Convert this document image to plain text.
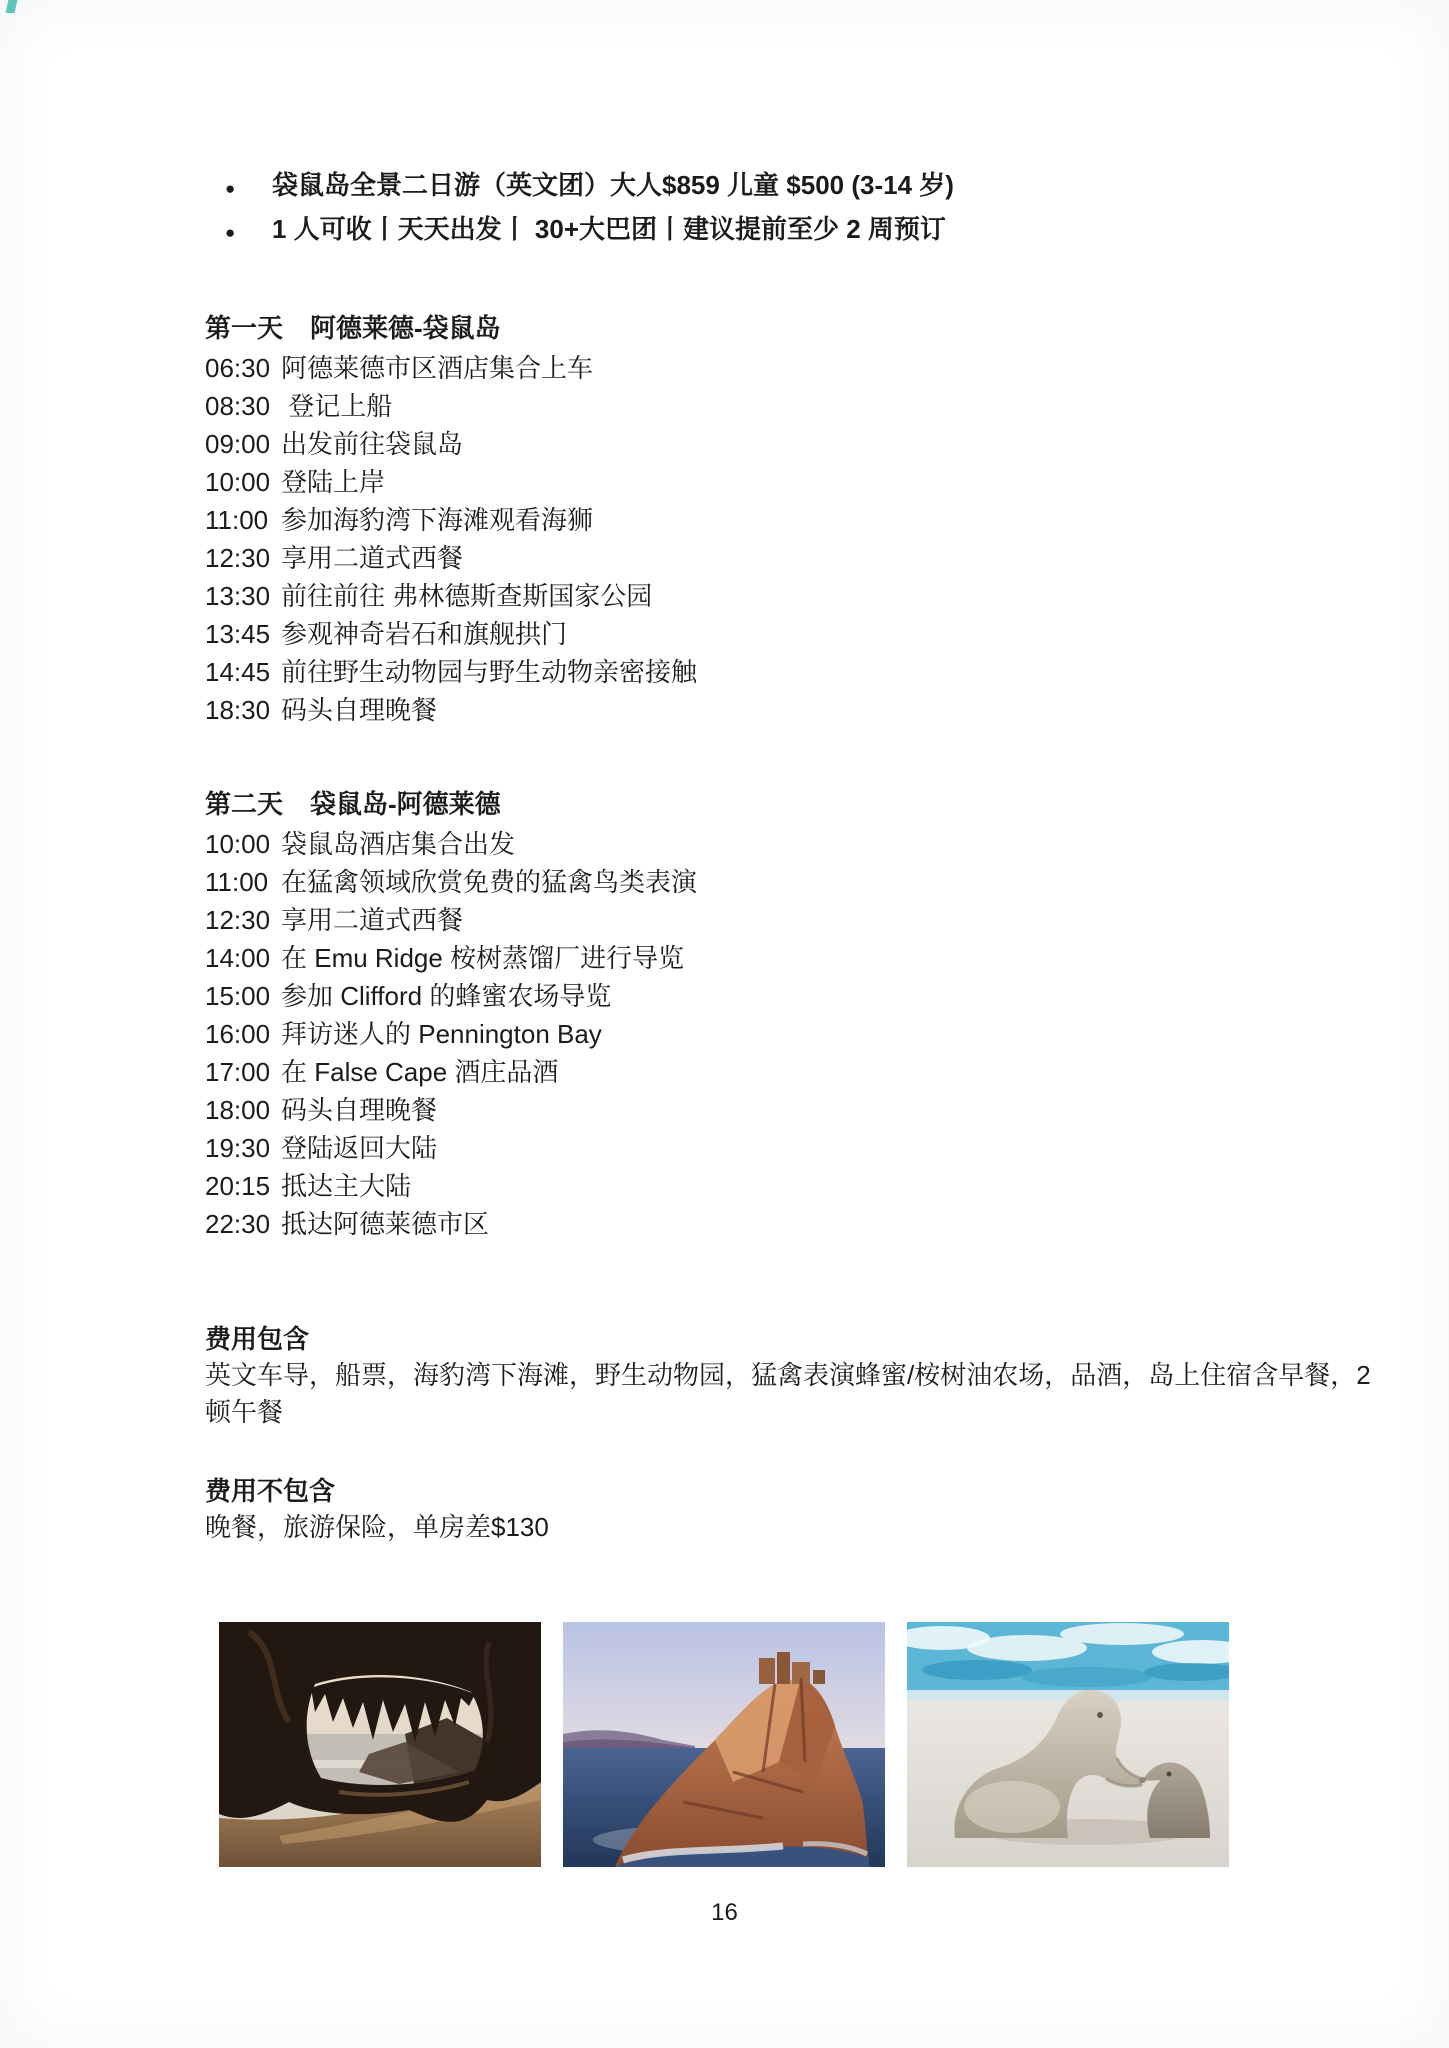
●	袋鼠岛全景二日游（英文团）大人$859 儿童 $500 (3-14 岁)
●	1 人可收丨天天出发丨 30+大巴团丨建议提前至少 2 周预订
第一天 阿德莱德-袋鼠岛
06:30 阿德莱德市区酒店集合上车
08:30 登记上船
09:00 出发前往袋鼠岛
10:00 登陆上岸
11:00 参加海豹湾下海滩观看海狮
12:30 享用二道式西餐
13:30 前往前往 弗林德斯查斯国家公园
13:45 参观神奇岩石和旗舰拱门
14:45 前往野生动物园与野生动物亲密接触
18:30 码头自理晚餐
第二天 袋鼠岛-阿德莱德
10:00 袋鼠岛酒店集合出发
11:00 在猛禽领域欣赏免费的猛禽鸟类表演
12:30 享用二道式西餐
14:00 在 Emu Ridge 桉树蒸馏厂进行导览
15:00 参加 Clifford 的蜂蜜农场导览
16:00 拜访迷人的 Pennington Bay
17:00 在 False Cape 酒庄品酒
18:00 码头自理晚餐
19:30 登陆返回大陆
20:15 抵达主大陆
22:30 抵达阿德莱德市区
费用包含

英文车导，船票，海豹湾下海滩，野生动物园，猛禽表演蜂蜜/桉树油农场，品酒，岛上住宿含早餐，2 顿午餐

费用不包含

晚餐，旅游保险，单房差$130

16
